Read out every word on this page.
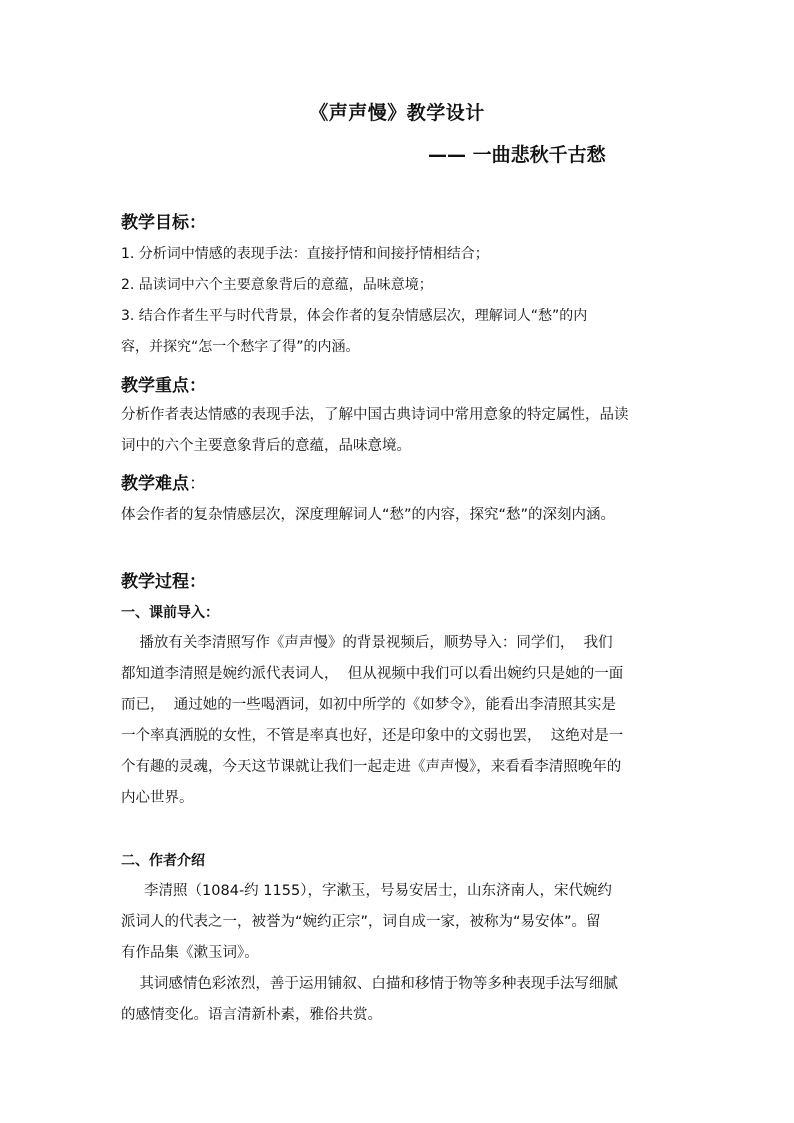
《声声慢》教学设计
—— 一曲悲秋千古愁
教学目标：
1. 分析词中情感的表现手法：直接抒情和间接抒情相结合；
2. 品读词中六个主要意象背后的意蕴，品味意境；
3. 结合作者生平与时代背景，体会作者的复杂情感层次，理解词人“愁”的内
容，并探究“怎一个愁字了得”的内涵。
教学重点：
分析作者表达情感的表现手法，了解中国古典诗词中常用意象的特定属性，品读
词中的六个主要意象背后的意蕴，品味意境。
教学难点：
体会作者的复杂情感层次，深度理解词人“愁”的内容，探究“愁”的深刻内涵。
教学过程：
一、课前导入：
播放有关李清照写作《声声慢》的背景视频后，顺势导入：同学们，  我们
都知道李清照是婉约派代表词人，  但从视频中我们可以看出婉约只是她的一面
而已，  通过她的一些喝酒词，如初中所学的《如梦令》，能看出李清照其实是
一个率真洒脱的女性，不管是率真也好，还是印象中的文弱也罢，  这绝对是一
个有趣的灵魂，今天这节课就让我们一起走进《声声慢》，来看看李清照晚年的
内心世界。
二、作者介绍
李清照（1084-约 1155），字漱玉，号易安居士，山东济南人，宋代婉约
派词人的代表之一，被誉为“婉约正宗”，词自成一家，被称为“易安体”。留
有作品集《漱玉词》。
其词感情色彩浓烈，善于运用铺叙、白描和移情于物等多种表现手法写细腻
的感情变化。语言清新朴素，雅俗共赏。
